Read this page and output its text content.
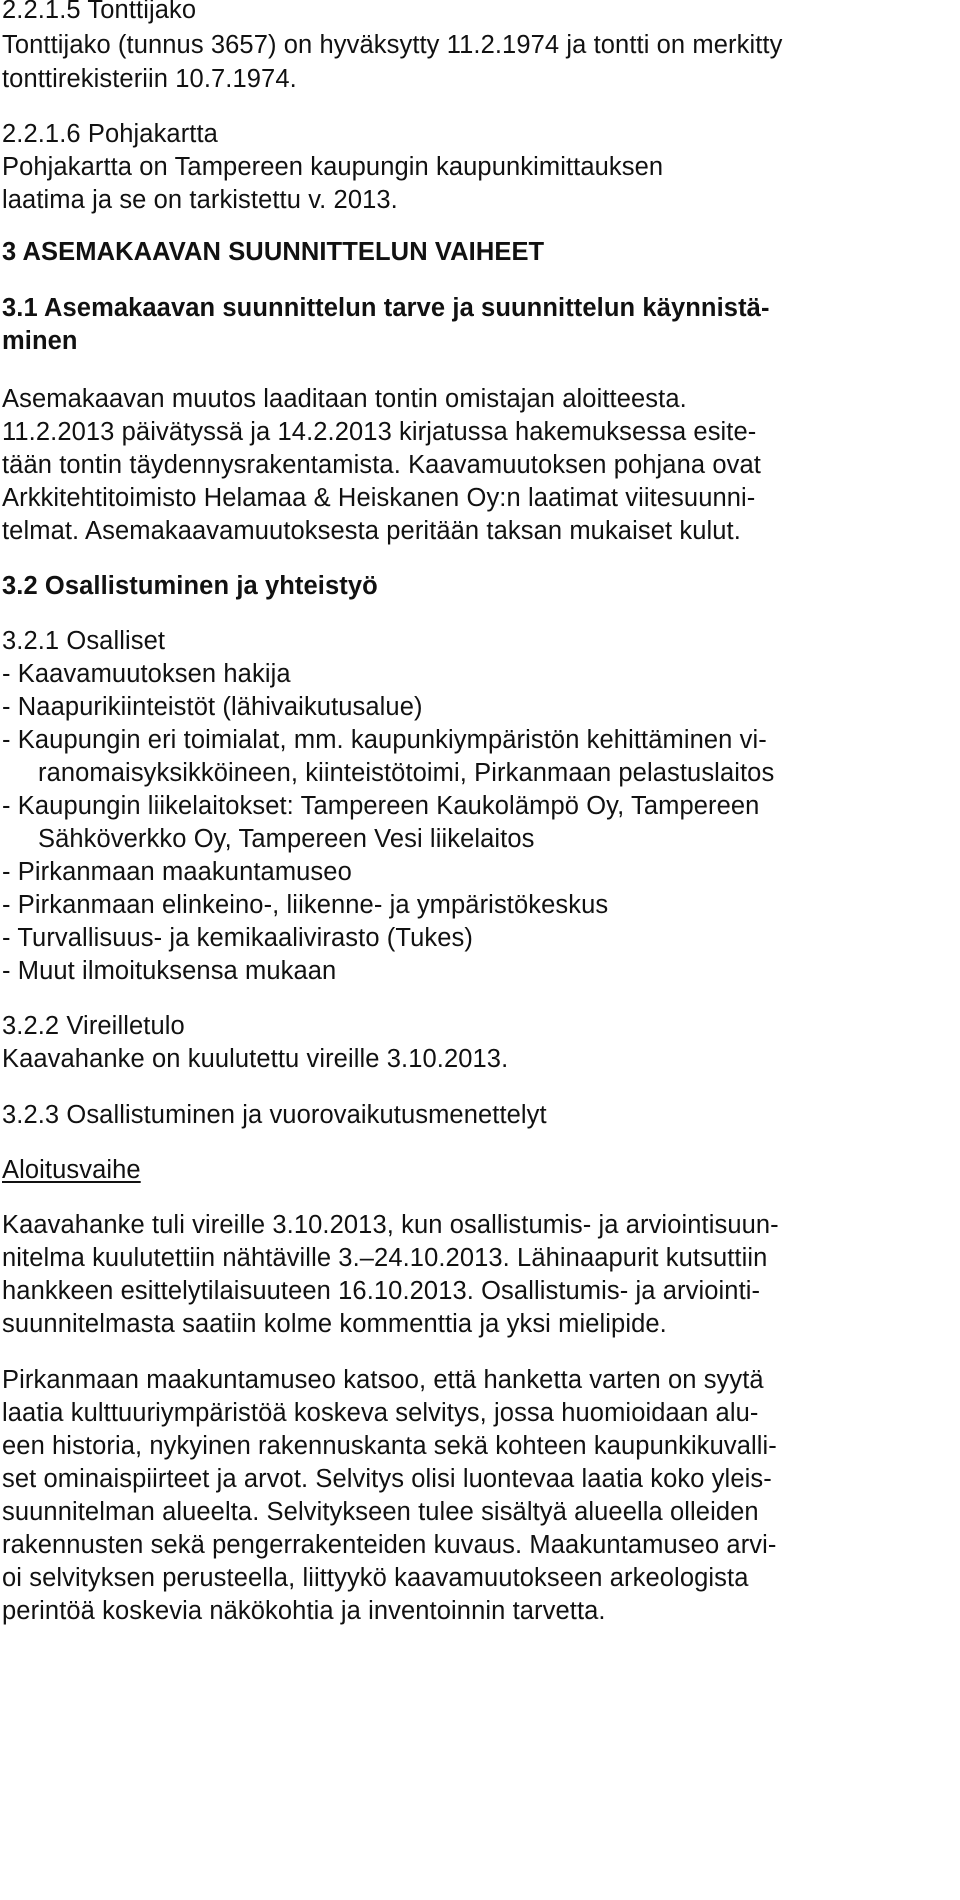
2.2.1.5 Tonttijako
Tonttijako (tunnus 3657) on hyväksytty 11.2.1974 ja tontti on merkitty
tonttirekisteriin 10.7.1974.
2.2.1.6 Pohjakartta
Pohjakartta on Tampereen kaupungin kaupunkimittauksen
laatima ja se on tarkistettu v. 2013.
3 ASEMAKAAVAN SUUNNITTELUN VAIHEET
3.1 Asemakaavan suunnittelun tarve ja suunnittelun käynnistä-
minen
Asemakaavan muutos laaditaan tontin omistajan aloitteesta.
11.2.2013 päivätyssä ja 14.2.2013 kirjatussa hakemuksessa esite-
tään tontin täydennysrakentamista. Kaavamuutoksen pohjana ovat
Arkkitehtitoimisto Helamaa & Heiskanen Oy:n laatimat viitesuunni-
telmat. Asemakaavamuutoksesta peritään taksan mukaiset kulut.
3.2 Osallistuminen ja yhteistyö
3.2.1 Osalliset
- Kaavamuutoksen hakija
- Naapurikiinteistöt (lähivaikutusalue)
- Kaupungin eri toimialat, mm. kaupunkiympäristön kehittäminen vi-
ranomaisyksikköineen, kiinteistötoimi, Pirkanmaan pelastuslaitos
- Kaupungin liikelaitokset: Tampereen Kaukolämpö Oy, Tampereen
Sähköverkko Oy, Tampereen Vesi liikelaitos
- Pirkanmaan maakuntamuseo
- Pirkanmaan elinkeino-, liikenne- ja ympäristökeskus
- Turvallisuus- ja kemikaalivirasto (Tukes)
- Muut ilmoituksensa mukaan
3.2.2 Vireilletulo
Kaavahanke on kuulutettu vireille 3.10.2013.
3.2.3 Osallistuminen ja vuorovaikutusmenettelyt
Aloitusvaihe
Kaavahanke tuli vireille 3.10.2013, kun osallistumis- ja arviointisuun-
nitelma kuulutettiin nähtäville 3.–24.10.2013. Lähinaapurit kutsuttiin
hankkeen esittelytilaisuuteen 16.10.2013. Osallistumis- ja arviointi-
suunnitelmasta saatiin kolme kommenttia ja yksi mielipide.
Pirkanmaan maakuntamuseo katsoo, että hanketta varten on syytä
laatia kulttuuriympäristöä koskeva selvitys, jossa huomioidaan alu-
een historia, nykyinen rakennuskanta sekä kohteen kaupunkikuvalli-
set ominaispiirteet ja arvot. Selvitys olisi luontevaa laatia koko yleis-
suunnitelman alueelta. Selvitykseen tulee sisältyä alueella olleiden
rakennusten sekä pengerrakenteiden kuvaus. Maakuntamuseo arvi-
oi selvityksen perusteella, liittyykö kaavamuutokseen arkeologista
perintöä koskevia näkökohtia ja inventoinnin tarvetta.
